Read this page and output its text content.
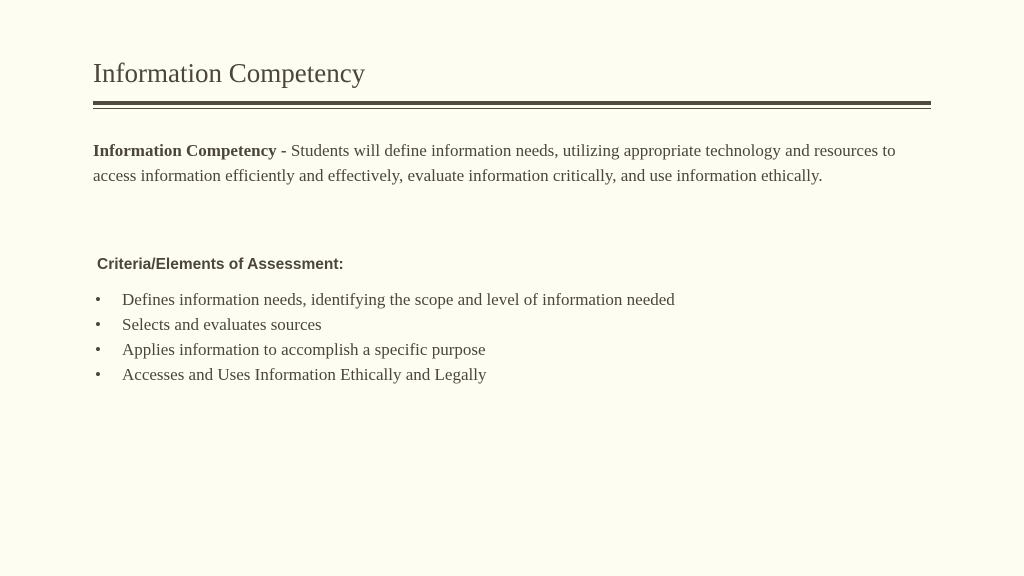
Information Competency
Information Competency - Students will define information needs, utilizing appropriate technology and resources to access information efficiently and effectively, evaluate information critically, and use information ethically.
Criteria/Elements of Assessment:
• Defines information needs, identifying the scope and level of information needed
• Selects and evaluates sources
• Applies information to accomplish a specific purpose
• Accesses and Uses Information Ethically and Legally
